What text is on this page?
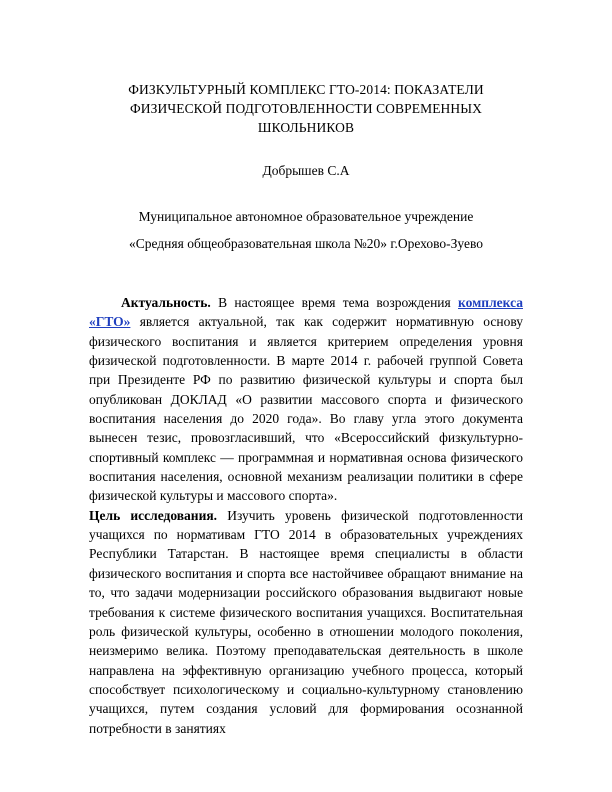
ФИЗКУЛЬТУРНЫЙ КОМПЛЕКС ГТО-2014: ПОКАЗАТЕЛИ
ФИЗИЧЕСКОЙ ПОДГОТОВЛЕННОСТИ СОВРЕМЕННЫХ
ШКОЛЬНИКОВ
Добрышев С.А
Муниципальное автономное образовательное учреждение
«Средняя общеобразовательная школа №20» г.Орехово-Зуево

Актуальность. В настоящее время тема возрождения комплекса «ГТО» является актуальной, так как содержит нормативную основу физического воспитания и является критерием определения уровня физической подготовленности. В марте 2014 г. рабочей группой Совета при Президенте РФ по развитию физической культуры и спорта был опубликован ДОКЛАД «О развитии массового спорта и физического воспитания населения до 2020 года». Во главу угла этого документа вынесен тезис, провозгласивший, что «Всероссийский физкультурно-спортивный комплекс — программная и нормативная основа физического воспитания населения, основной механизм реализации политики в сфере физической культуры и массового спорта».

Цель исследования. Изучить уровень физической подготовленности учащихся по нормативам ГТО 2014 в образовательных учреждениях Республики Татарстан. В настоящее время специалисты в области физического воспитания и спорта все настойчивее обращают внимание на то, что задачи модернизации российского образования выдвигают новые требования к системе физического воспитания учащихся. Воспитательная роль физической культуры, особенно в отношении молодого поколения, неизмеримо велика. Поэтому преподавательская деятельность в школе направлена на эффективную организацию учебного процесса, который способствует психологическому и социально-культурному становлению учащихся, путем создания условий для формирования осознанной потребности в занятиях
